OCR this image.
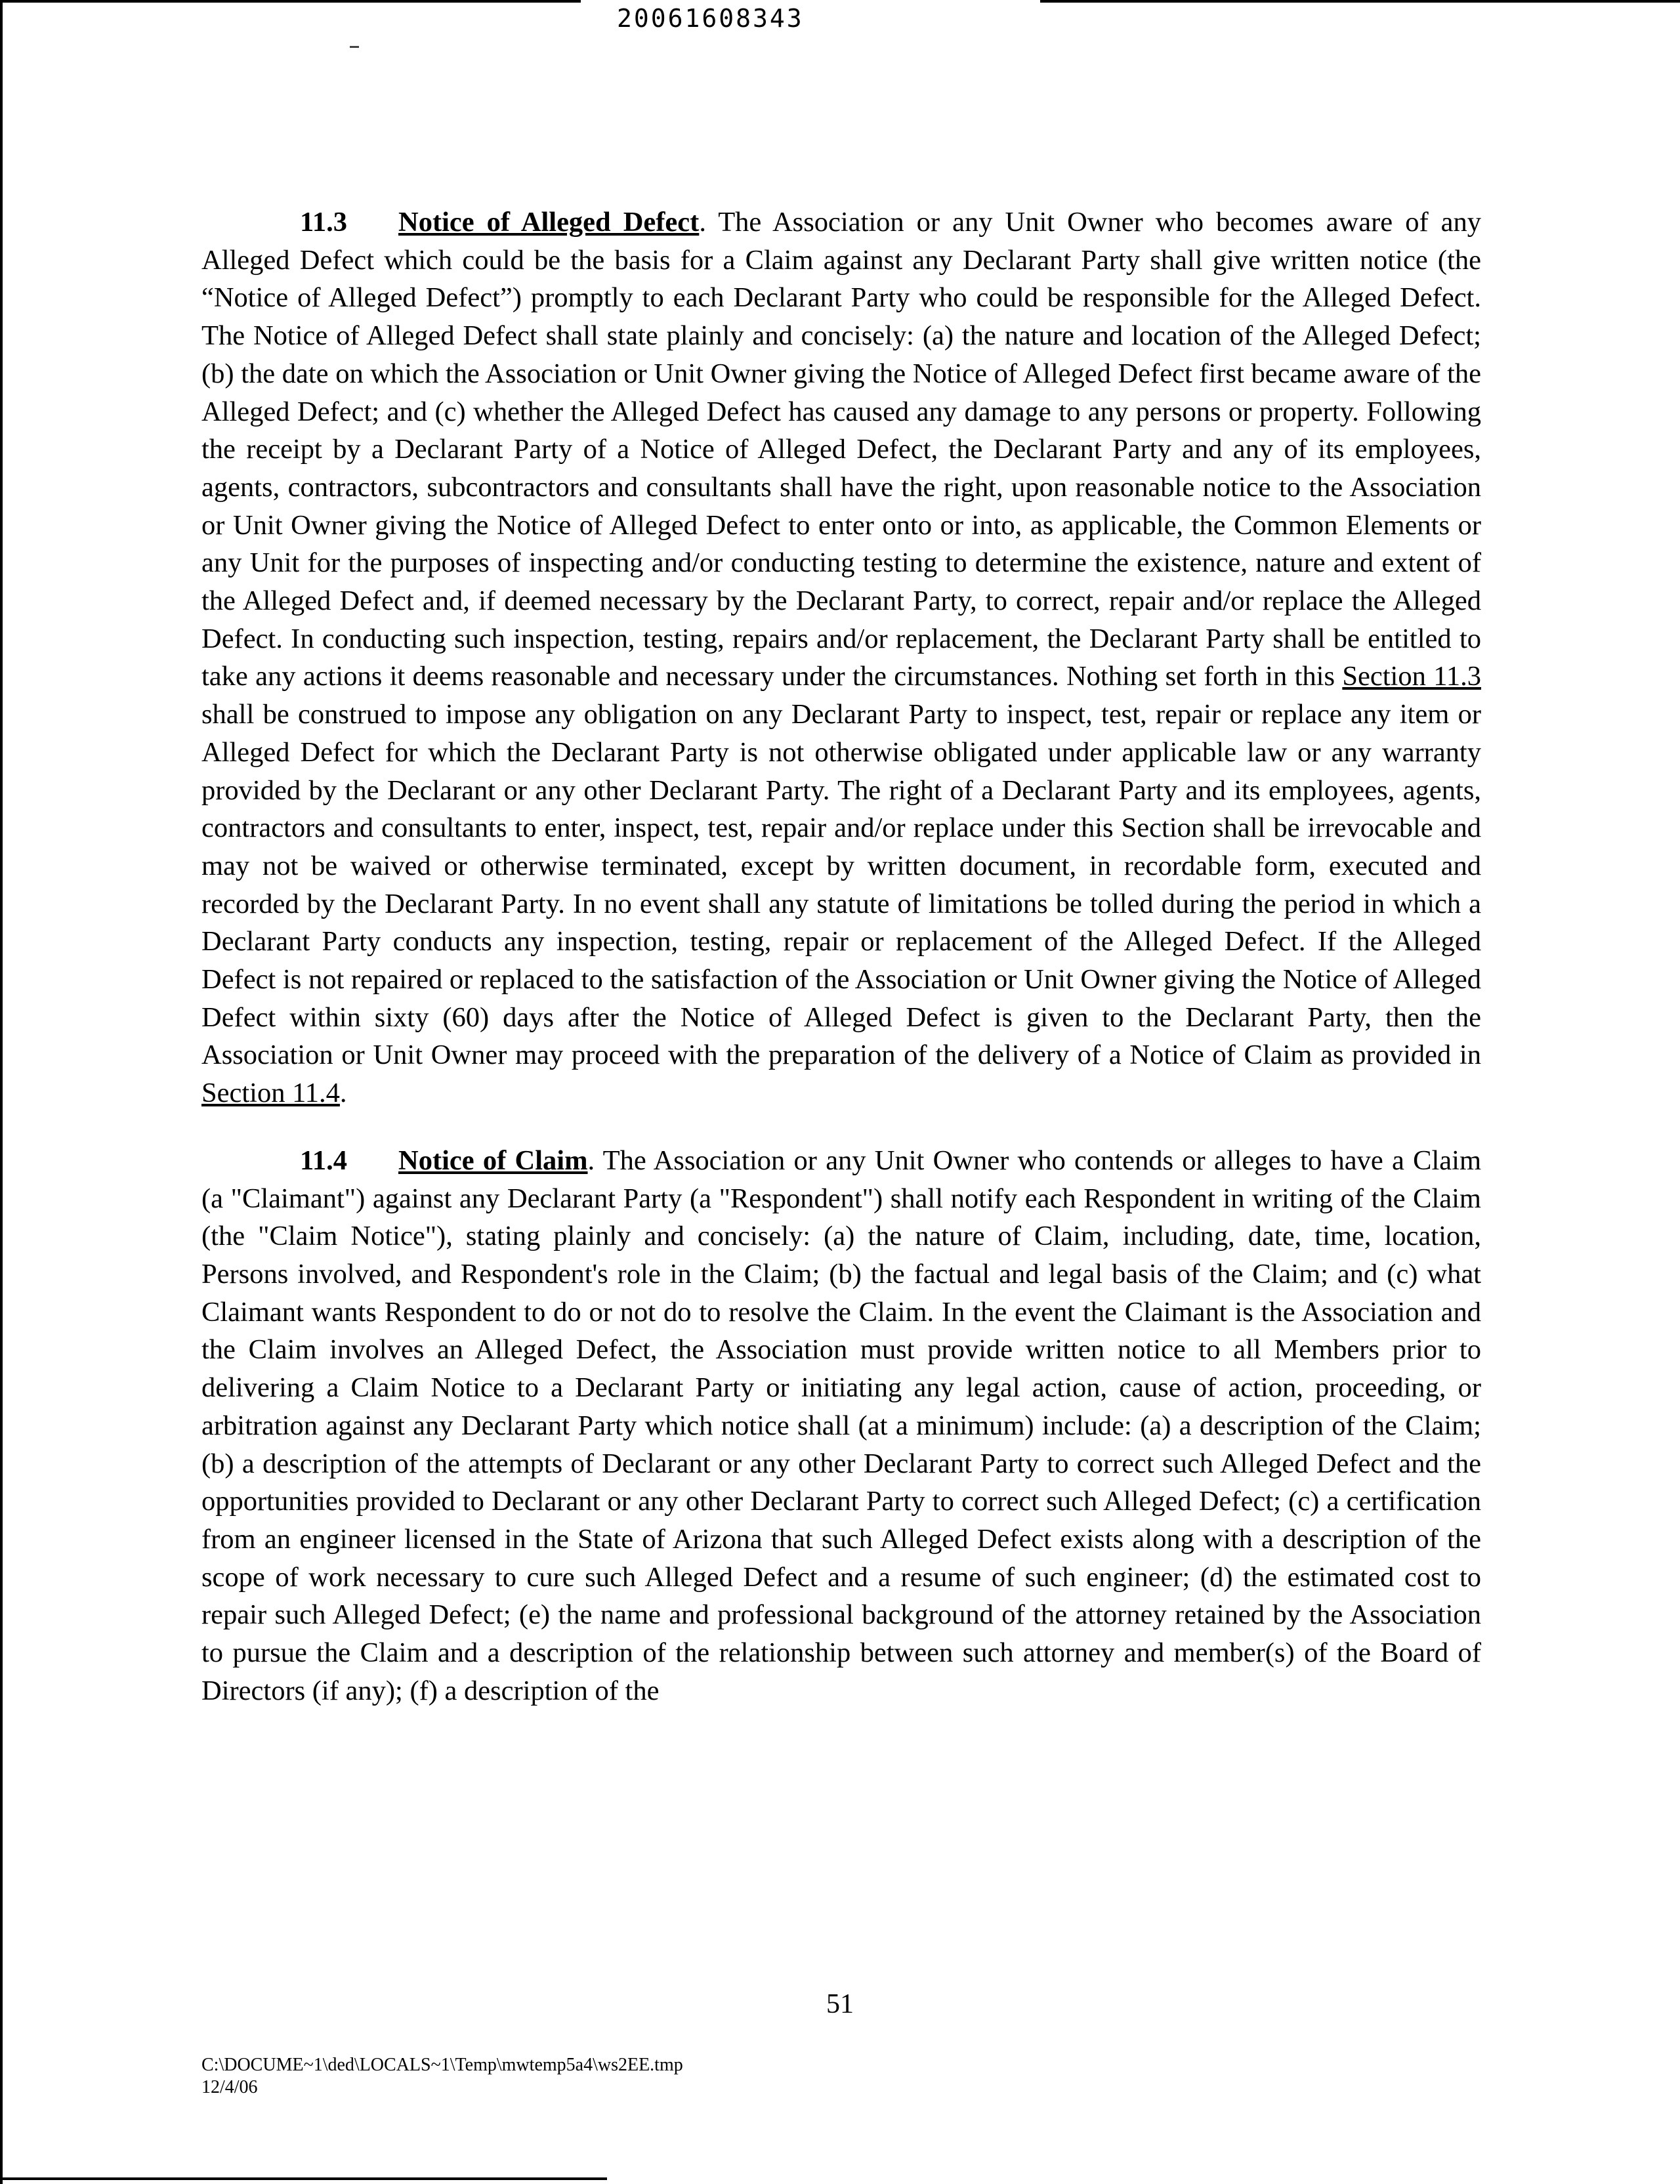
20061608343

11.3 Notice of Alleged Defect. The Association or any Unit Owner who becomes aware of any Alleged Defect which could be the basis for a Claim against any Declarant Party shall give written notice (the “Notice of Alleged Defect”) promptly to each Declarant Party who could be responsible for the Alleged Defect. The Notice of Alleged Defect shall state plainly and concisely: (a) the nature and location of the Alleged Defect; (b) the date on which the Association or Unit Owner giving the Notice of Alleged Defect first became aware of the Alleged Defect; and (c) whether the Alleged Defect has caused any damage to any persons or property. Following the receipt by a Declarant Party of a Notice of Alleged Defect, the Declarant Party and any of its employees, agents, contractors, subcontractors and consultants shall have the right, upon reasonable notice to the Association or Unit Owner giving the Notice of Alleged Defect to enter onto or into, as applicable, the Common Elements or any Unit for the purposes of inspecting and/or conducting testing to determine the existence, nature and extent of the Alleged Defect and, if deemed necessary by the Declarant Party, to correct, repair and/or replace the Alleged Defect. In conducting such inspection, testing, repairs and/or replacement, the Declarant Party shall be entitled to take any actions it deems reasonable and necessary under the circumstances. Nothing set forth in this Section 11.3 shall be construed to impose any obligation on any Declarant Party to inspect, test, repair or replace any item or Alleged Defect for which the Declarant Party is not otherwise obligated under applicable law or any warranty provided by the Declarant or any other Declarant Party. The right of a Declarant Party and its employees, agents, contractors and consultants to enter, inspect, test, repair and/or replace under this Section shall be irrevocable and may not be waived or otherwise terminated, except by written document, in recordable form, executed and recorded by the Declarant Party. In no event shall any statute of limitations be tolled during the period in which a Declarant Party conducts any inspection, testing, repair or replacement of the Alleged Defect. If the Alleged Defect is not repaired or replaced to the satisfaction of the Association or Unit Owner giving the Notice of Alleged Defect within sixty (60) days after the Notice of Alleged Defect is given to the Declarant Party, then the Association or Unit Owner may proceed with the preparation of the delivery of a Notice of Claim as provided in Section 11.4.

11.4 Notice of Claim. The Association or any Unit Owner who contends or alleges to have a Claim (a "Claimant") against any Declarant Party (a "Respondent") shall notify each Respondent in writing of the Claim (the "Claim Notice"), stating plainly and concisely: (a) the nature of Claim, including, date, time, location, Persons involved, and Respondent's role in the Claim; (b) the factual and legal basis of the Claim; and (c) what Claimant wants Respondent to do or not do to resolve the Claim. In the event the Claimant is the Association and the Claim involves an Alleged Defect, the Association must provide written notice to all Members prior to delivering a Claim Notice to a Declarant Party or initiating any legal action, cause of action, proceeding, or arbitration against any Declarant Party which notice shall (at a minimum) include: (a) a description of the Claim; (b) a description of the attempts of Declarant or any other Declarant Party to correct such Alleged Defect and the opportunities provided to Declarant or any other Declarant Party to correct such Alleged Defect; (c) a certification from an engineer licensed in the State of Arizona that such Alleged Defect exists along with a description of the scope of work necessary to cure such Alleged Defect and a resume of such engineer; (d) the estimated cost to repair such Alleged Defect; (e) the name and professional background of the attorney retained by the Association to pursue the Claim and a description of the relationship between such attorney and member(s) of the Board of Directors (if any); (f) a description of the

51
C:\DOCUME~1\ded\LOCALS~1\Temp\mwtemp5a4\ws2EE.tmp
12/4/06
